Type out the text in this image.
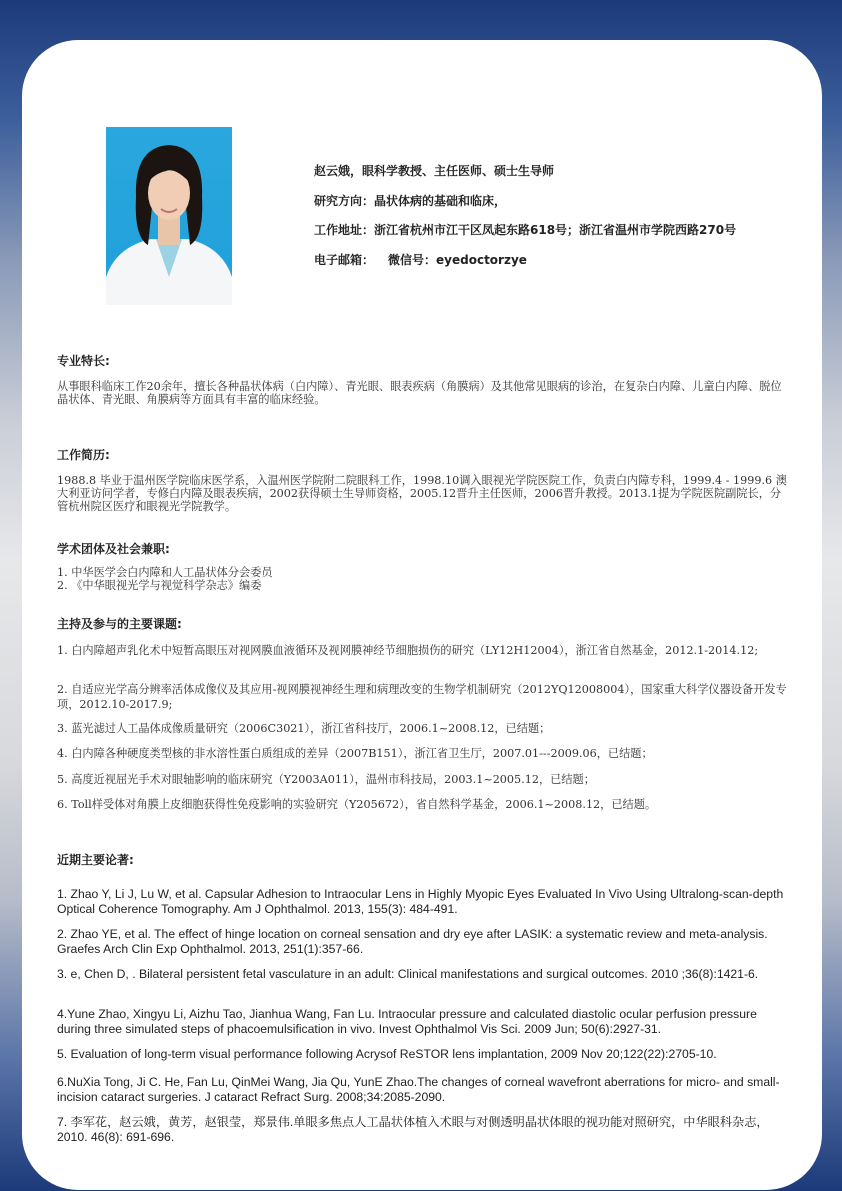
赵云娥，眼科学教授、主任医师、硕士生导师
研究方向：晶状体病的基础和临床，
工作地址：浙江省杭州市江干区凤起东路618号；浙江省温州市学院西路270号
电子邮箱： 微信号：eyedoctorzye
专业特长:
从事眼科临床工作20余年，擅长各种晶状体病（白内障）、青光眼、眼表疾病（角膜病）及其他常见眼病的诊治，在复杂白内障、儿童白内障、脱位晶状体、青光眼、角膜病等方面具有丰富的临床经验。
工作简历:
1988.8 毕业于温州医学院临床医学系，入温州医学院附二院眼科工作，1998.10调入眼视光学院医院工作，负责白内障专科，1999.4 - 1999.6 澳大利亚访问学者，专修白内障及眼表疾病，2002获得硕士生导师资格，2005.12晋升主任医师，2006晋升教授。2013.1提为学院医院副院长，分管杭州院区医疗和眼视光学院教学。
学术团体及社会兼职:
1. 中华医学会白内障和人工晶状体分会委员
2. 《中华眼视光学与视觉科学杂志》编委
主持及参与的主要课题:
1. 白内障超声乳化术中短暂高眼压对视网膜血液循环及视网膜神经节细胞损伤的研究（LY12H12004），浙江省自然基金，2012.1-2014.12;
2. 自适应光学高分辨率活体成像仪及其应用-视网膜视神经生理和病理改变的生物学机制研究（2012YQ12008004），国家重大科学仪器设备开发专项，2012.10-2017.9;
3. 蓝光滤过人工晶体成像质量研究（2006C3021），浙江省科技厅，2006.1~2008.12，已结题；
4. 白内障各种硬度类型核的非水溶性蛋白质组成的差异（2007B151），浙江省卫生厅，2007.01---2009.06，已结题；
5. 高度近视屈光手术对眼轴影响的临床研究（Y2003A011），温州市科技局，2003.1~2005.12，已结题；
6. Toll样受体对角膜上皮细胞获得性免疫影响的实验研究（Y205672），省自然科学基金，2006.1~2008.12，已结题。
近期主要论著:
1. Zhao Y, Li J, Lu W, et al. Capsular Adhesion to Intraocular Lens in Highly Myopic Eyes Evaluated In Vivo Using Ultralong-scan-depth Optical Coherence Tomography. Am J Ophthalmol. 2013, 155(3): 484-491.
2. Zhao YE, et al. The effect of hinge location on corneal sensation and dry eye after LASIK: a systematic review and meta-analysis. Graefes Arch Clin Exp Ophthalmol. 2013, 251(1):357-66.
3. e, Chen D, . Bilateral persistent fetal vasculature in an adult: Clinical manifestations and surgical outcomes. 2010 ;36(8):1421-6.
4.Yune Zhao, Xingyu Li, Aizhu Tao, Jianhua Wang, Fan Lu. Intraocular pressure and calculated diastolic ocular perfusion pressure during three simulated steps of phacoemulsification in vivo. Invest Ophthalmol Vis Sci. 2009 Jun; 50(6):2927-31.
5. Evaluation of long-term visual performance following Acrysof ReSTOR lens implantation, 2009 Nov 20;122(22):2705-10.
6.NuXia Tong, Ji C. He, Fan Lu, QinMei Wang, Jia Qu, YunE Zhao.The changes of corneal wavefront aberrations for micro- and small-incision cataract surgeries. J cataract Refract Surg. 2008;34:2085-2090.
7. 李军花，赵云娥，黄芳，赵银莹，郑景伟.单眼多焦点人工晶状体植入术眼与对侧透明晶状体眼的视功能对照研究，中华眼科杂志，2010. 46(8): 691-696.
